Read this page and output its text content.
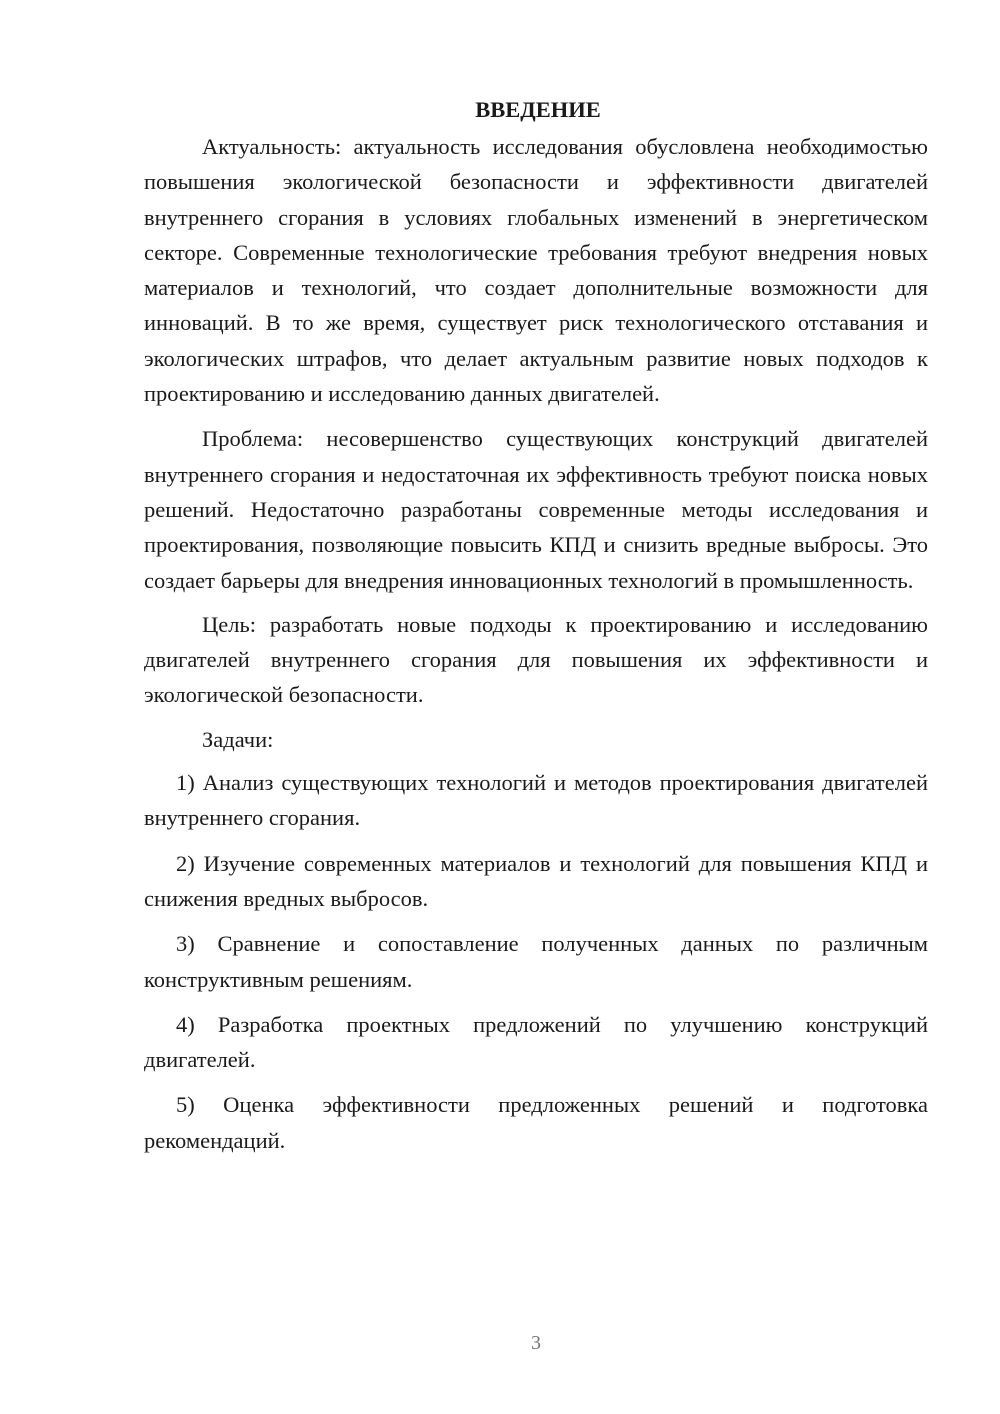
ВВЕДЕНИЕ

Актуальность: актуальность исследования обусловлена необходимостью повышения экологической безопасности и эффективности двигателей внутреннего сгорания в условиях глобальных изменений в энергетическом секторе. Современные технологические требования требуют внедрения новых материалов и технологий, что создает дополнительные возможности для инноваций. В то же время, существует риск технологического отставания и экологических штрафов, что делает актуальным развитие новых подходов к проектированию и исследованию данных двигателей.

Проблема: несовершенство существующих конструкций двигателей внутреннего сгорания и недостаточная их эффективность требуют поиска новых решений. Недостаточно разработаны современные методы исследования и проектирования, позволяющие повысить КПД и снизить вредные выбросы. Это создает барьеры для внедрения инновационных технологий в промышленность.

Цель: разработать новые подходы к проектированию и исследованию двигателей внутреннего сгорания для повышения их эффективности и экологической безопасности.

Задачи:

1) Анализ существующих технологий и методов проектирования двигателей внутреннего сгорания.

2) Изучение современных материалов и технологий для повышения КПД и снижения вредных выбросов.

3) Сравнение и сопоставление полученных данных по различным конструктивным решениям.

4) Разработка проектных предложений по улучшению конструкций двигателей.

5) Оценка эффективности предложенных решений и подготовка рекомендаций.

3
